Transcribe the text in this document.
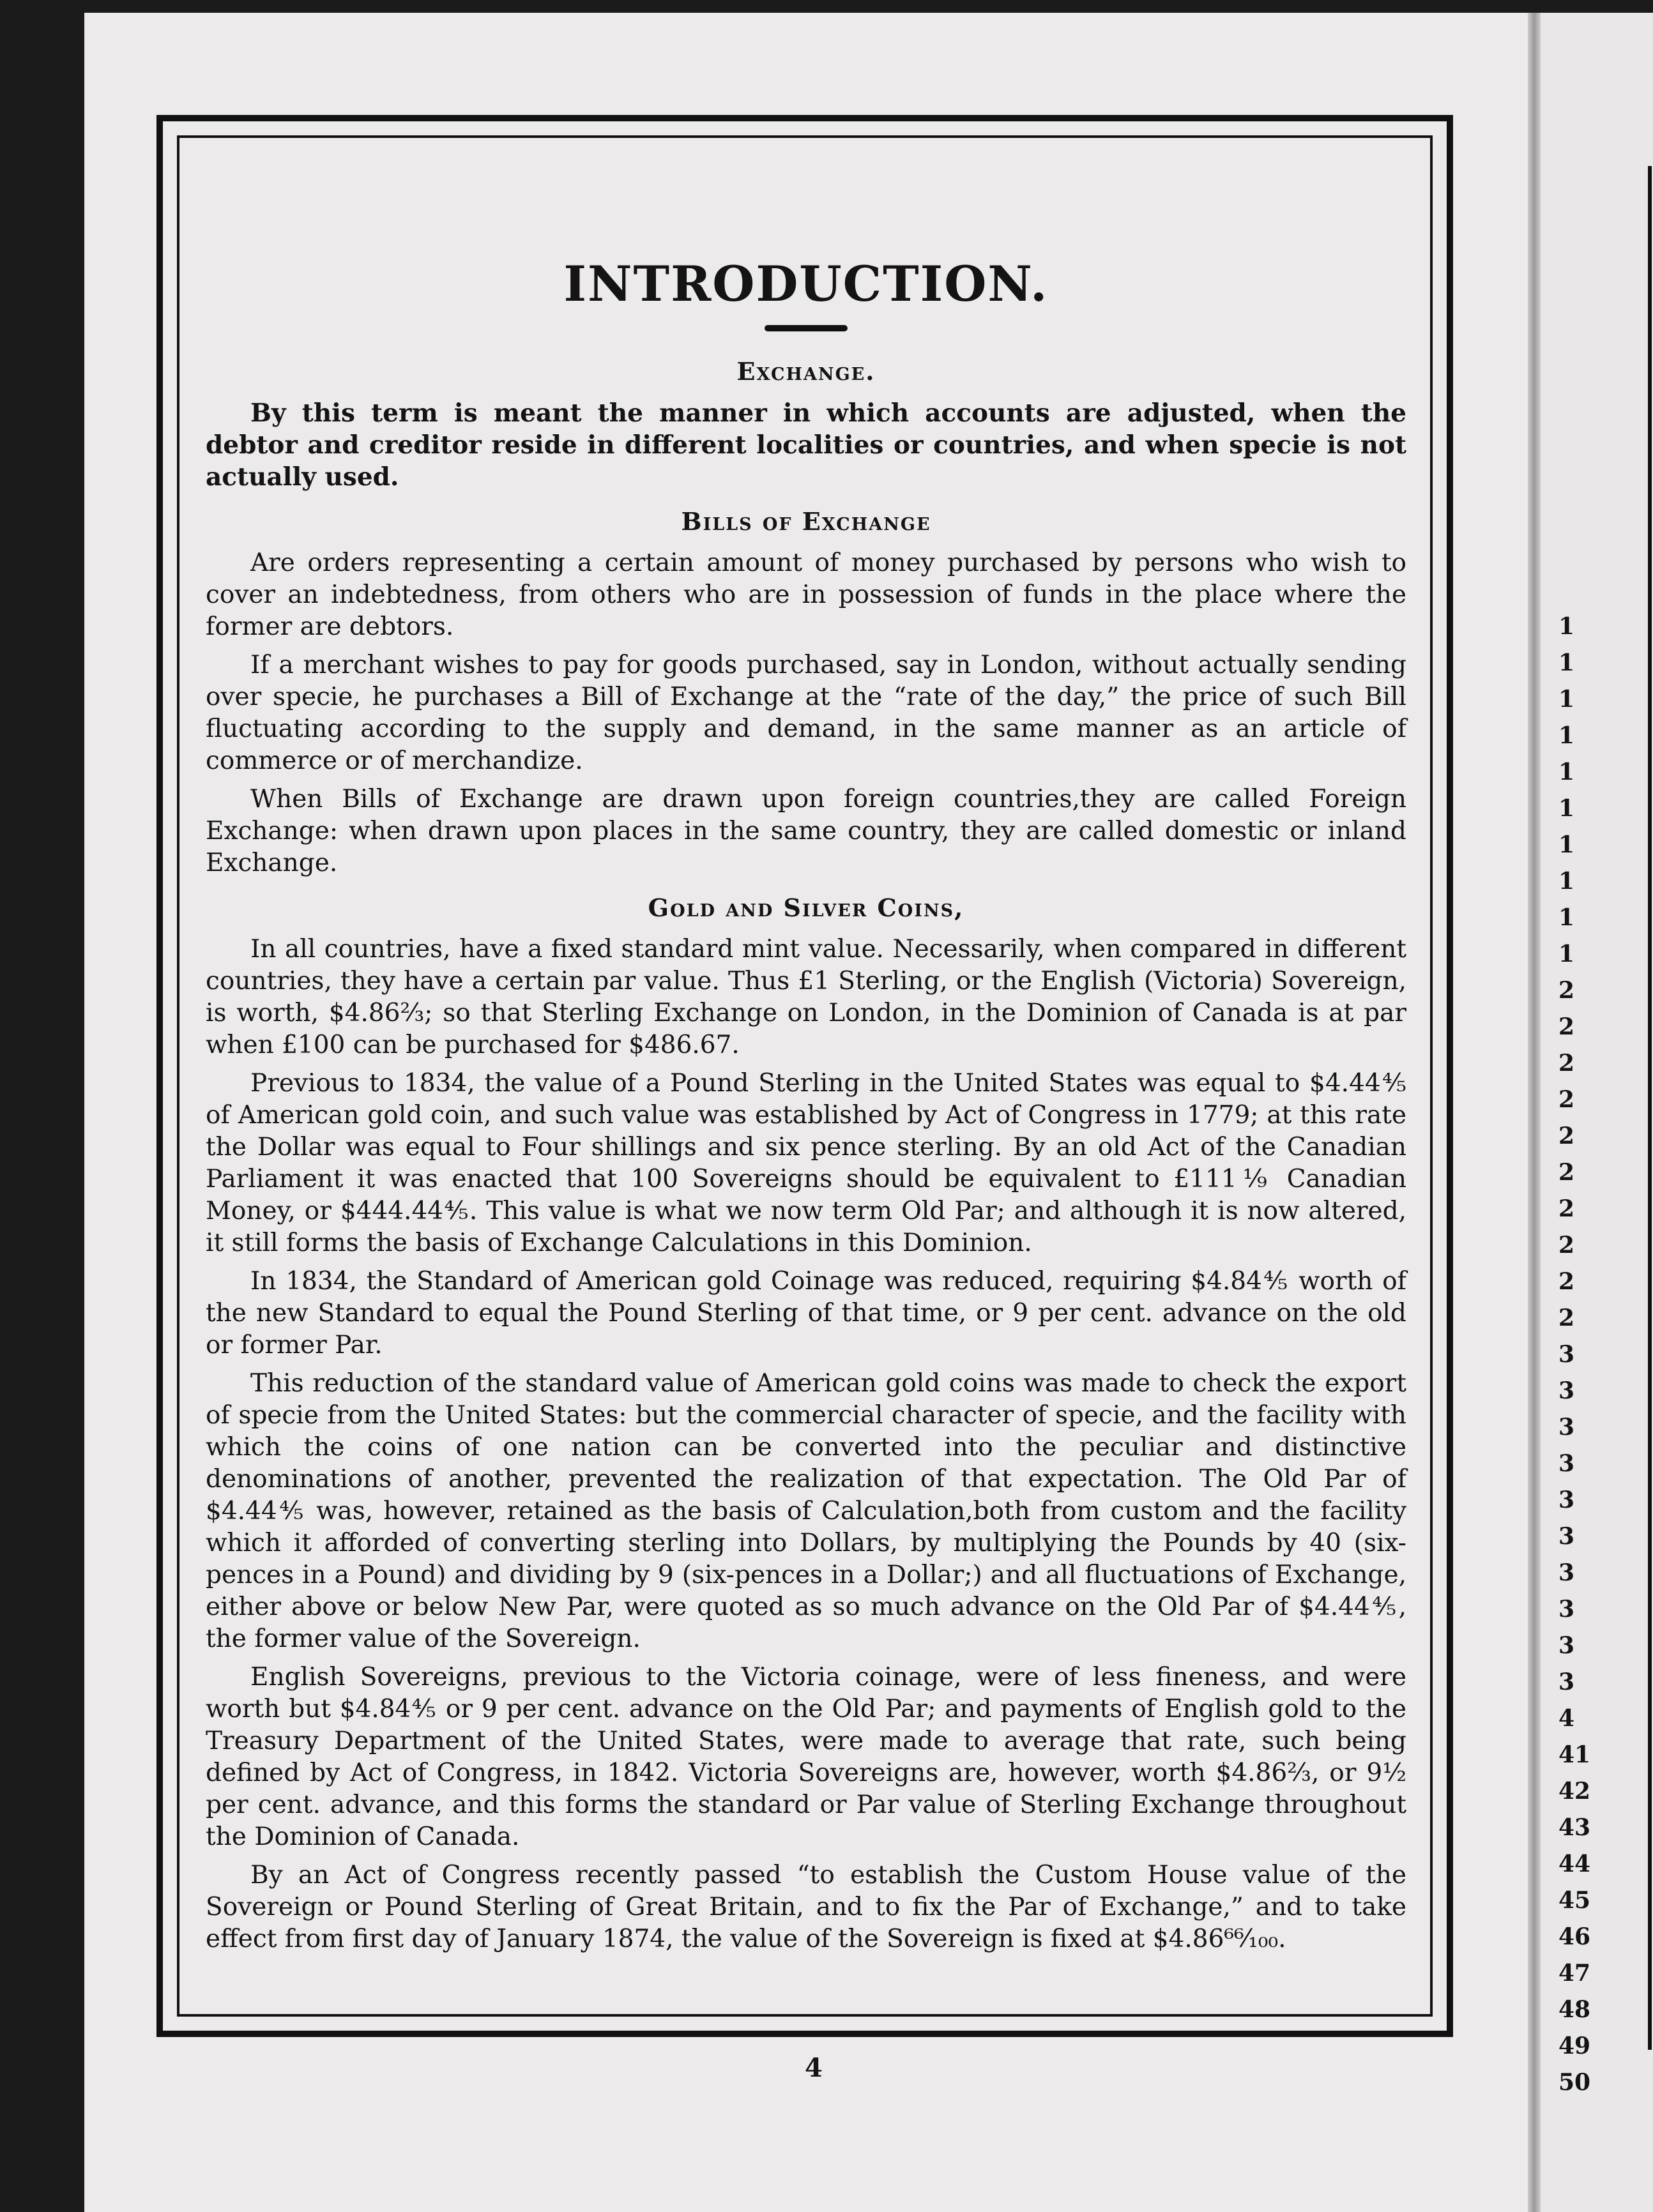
INTRODUCTION.
Exchange.

By this term is meant the manner in which accounts are adjusted, when the debtor and creditor reside in different localities or countries, and when specie is not actually used.

Bills of Exchange

Are orders representing a certain amount of money purchased by persons who wish to cover an indebtedness, from others who are in possession of funds in the place where the former are debtors.

If a merchant wishes to pay for goods purchased, say in London, without actually sending over specie, he purchases a Bill of Exchange at the “rate of the day,” the price of such Bill fluctuating according to the supply and demand, in the same manner as an article of commerce or of merchandize.

When Bills of Exchange are drawn upon foreign countries,they are called Foreign Exchange: when drawn upon places in the same country, they are called domestic or inland Exchange.

Gold and Silver Coins,

In all countries, have a fixed standard mint value. Necessarily, when compared in different countries, they have a certain par value. Thus £1 Sterling, or the English (Victoria) Sovereign, is worth, $4.86⅔; so that Sterling Exchange on London, in the Dominion of Canada is at par when £100 can be purchased for $486.67.

Previous to 1834, the value of a Pound Sterling in the United States was equal to $4.44⅘ of American gold coin, and such value was established by Act of Congress in 1779; at this rate the Dollar was equal to Four shillings and six pence sterling. By an old Act of the Canadian Parliament it was enacted that 100 Sovereigns should be equivalent to £111⅑ Canadian Money, or $444.44⅘. This value is what we now term Old Par; and although it is now altered, it still forms the basis of Exchange Calculations in this Dominion.

In 1834, the Standard of American gold Coinage was reduced, requiring $4.84⅘ worth of the new Standard to equal the Pound Sterling of that time, or 9 per cent. advance on the old or former Par.

This reduction of the standard value of American gold coins was made to check the export of specie from the United States: but the commercial character of specie, and the facility with which the coins of one nation can be converted into the peculiar and distinctive denominations of another, prevented the realization of that expectation. The Old Par of $4.44⅘ was, however, retained as the basis of Calculation,both from custom and the facility which it afforded of converting sterling into Dollars, by multiplying the Pounds by 40 (six-pences in a Pound) and dividing by 9 (six-pences in a Dollar;) and all fluctuations of Exchange, either above or below New Par, were quoted as so much advance on the Old Par of $4.44⅘, the former value of the Sovereign.

English Sovereigns, previous to the Victoria coinage, were of less fineness, and were worth but $4.84⅘ or 9 per cent. advance on the Old Par; and payments of English gold to the Treasury Department of the United States, were made to average that rate, such being defined by Act of Congress, in 1842. Victoria Sovereigns are, however, worth $4.86⅔, or 9½ per cent. advance, and this forms the standard or Par value of Sterling Exchange throughout the Dominion of Canada.

By an Act of Congress recently passed “to establish the Custom House value of the Sovereign or Pound Sterling of Great Britain, and to fix the Par of Exchange,” and to take effect from first day of January 1874, the value of the Sovereign is fixed at $4.86⁶⁶⁄₁₀₀.

4
1
1
1
1
1
1
1
1
1
1
2
2
2
2
2
2
2
2
2
2
3
3
3
3
3
3
3
3
3
3
4
41
42
43
44
45
46
47
48
49
50
